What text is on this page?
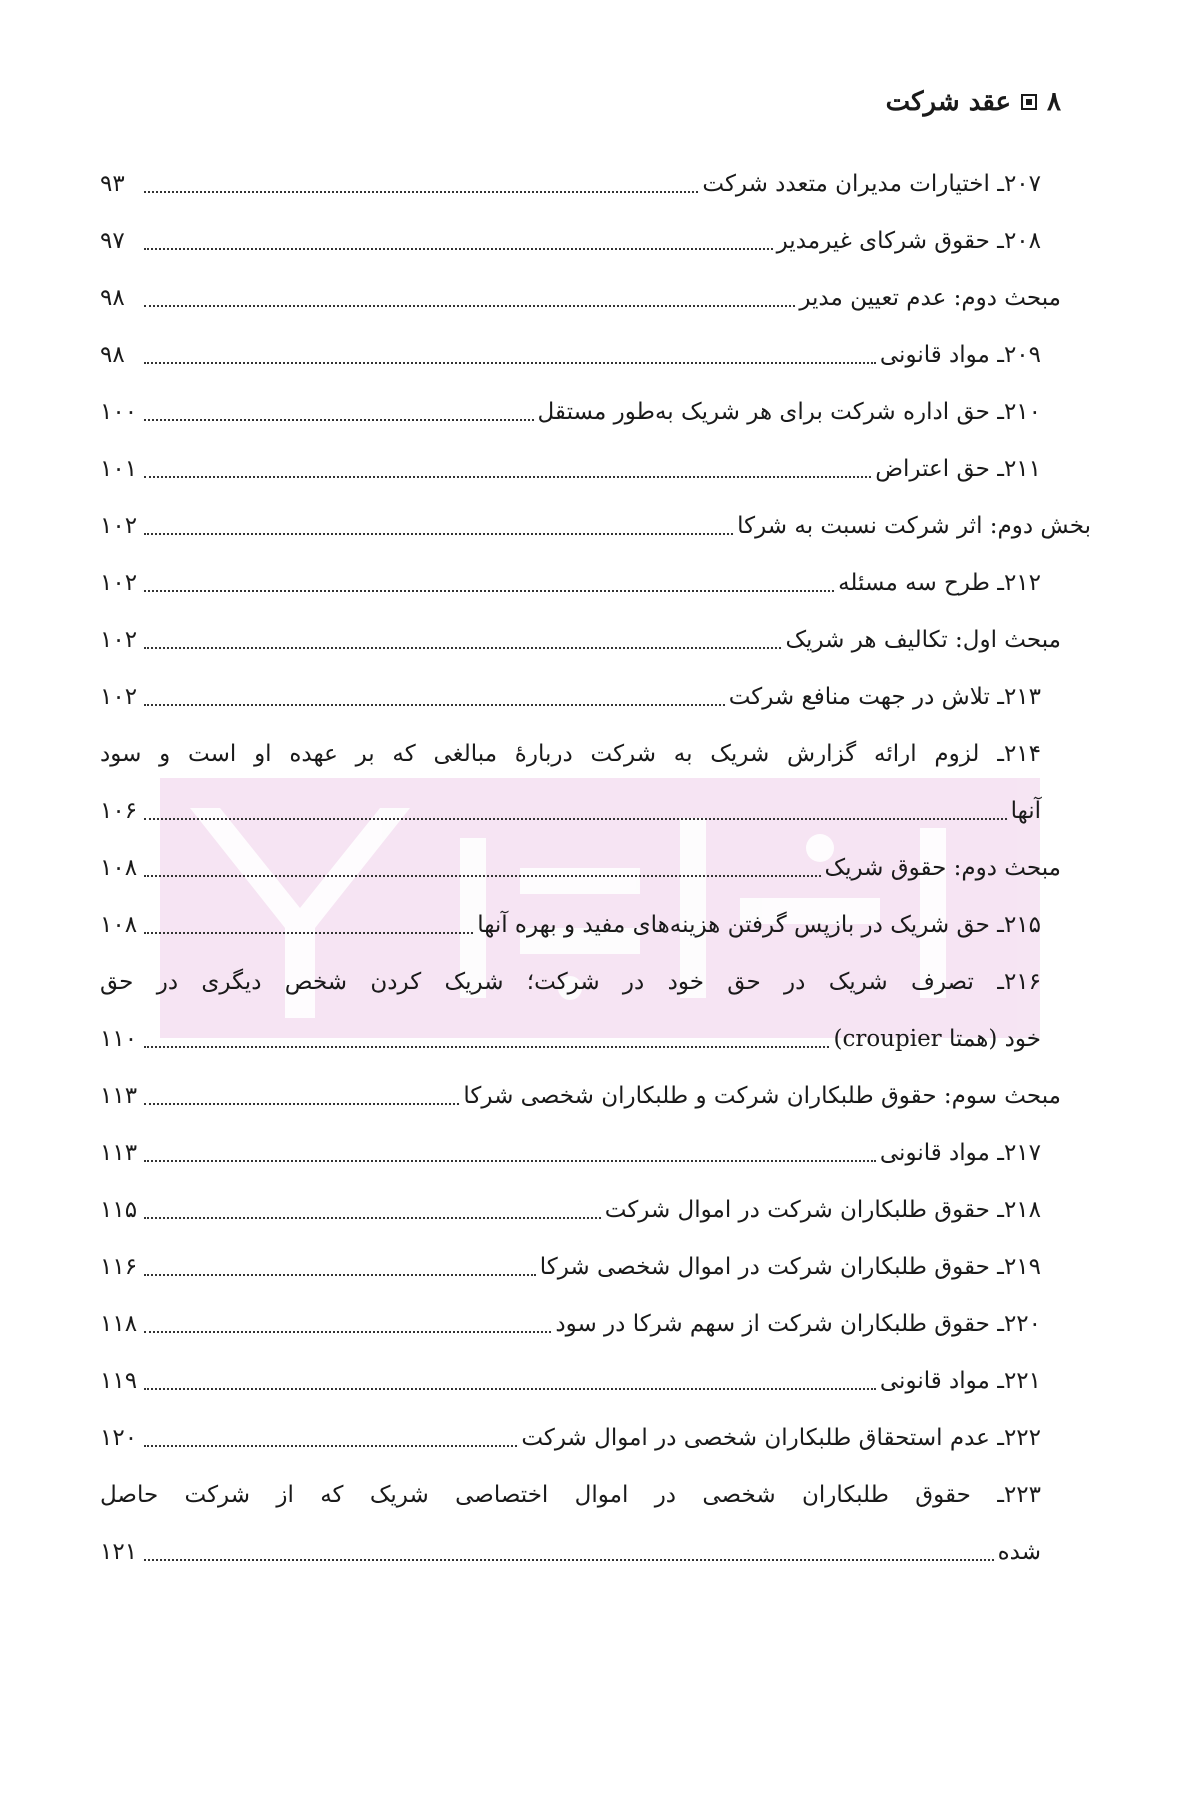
۸
عقد شرکت
۲۰۷ـ اختیارات مدیران متعدد شرکت
۹۳
۲۰۸ـ حقوق شرکای غیرمدیر
۹۷
مبحث دوم: عدم تعیین مدیر
۹۸
۲۰۹ـ مواد قانونی
۹۸
۲۱۰ـ حق اداره شرکت برای هر شریک به‌طور مستقل
۱۰۰
۲۱۱ـ حق اعتراض
۱۰۱
بخش دوم: اثر شرکت نسبت به شرکا
۱۰۲
۲۱۲ـ طرح سه مسئله
۱۰۲
مبحث اول: تکالیف هر شریک
۱۰۲
۲۱۳ـ تلاش در جهت منافع شرکت
۱۰۲
۲۱۴ـ لزوم ارائه گزارش شریک به شرکت دربارهٔ مبالغی که بر عهده او است و سود
آنها
۱۰۶
مبحث دوم: حقوق شریک
۱۰۸
۲۱۵ـ حق شریک در بازپس گرفتن هزینه‌های مفید و بهره آنها
۱۰۸
۲۱۶ـ تصرف شریک در حق خود در شرکت؛ شریک کردن شخص دیگری در حق
خود (همتا croupier)
۱۱۰
مبحث سوم: حقوق طلبکاران شرکت و طلبکاران شخصی شرکا
۱۱۳
۲۱۷ـ مواد قانونی
۱۱۳
۲۱۸ـ حقوق طلبکاران شرکت در اموال شرکت
۱۱۵
۲۱۹ـ حقوق طلبکاران شرکت در اموال شخصی شرکا
۱۱۶
۲۲۰ـ حقوق طلبکاران شرکت از سهم شرکا در سود
۱۱۸
۲۲۱ـ مواد قانونی
۱۱۹
۲۲۲ـ عدم استحقاق طلبکاران شخصی در اموال شرکت
۱۲۰
۲۲۳ـ حقوق طلبکاران شخصی در اموال اختصاصی شریک که از شرکت حاصل
شده
۱۲۱
